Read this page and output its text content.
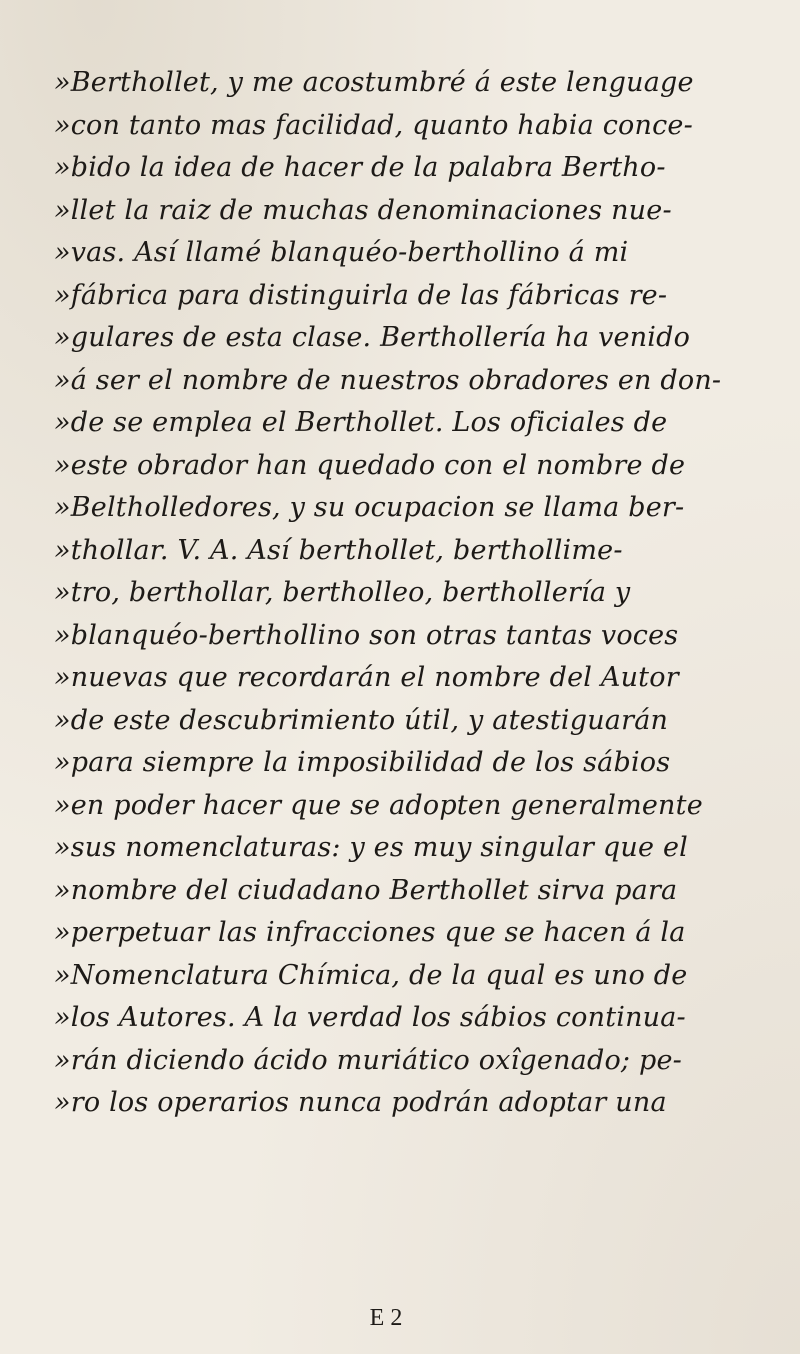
»Berthollet, y me acostumbré á este lenguage
»con tanto mas facilidad, quanto habia conce-
»bido la idea de hacer de la palabra Bertho-
»llet la raiz de muchas denominaciones nue-
»vas. Así llamé blanquéo-berthollino á mi
»fábrica para distinguirla de las fábricas re-
»gulares de esta clase. Berthollería ha venido
»á ser el nombre de nuestros obradores en don-
»de se emplea el Berthollet. Los oficiales de
»este obrador han quedado con el nombre de
»Beltholledores, y su ocupacion se llama ber-
»thollar. V. A. Así berthollet, berthollime-
»tro, berthollar, bertholleo, berthollería y
»blanquéo-berthollino son otras tantas voces
»nuevas que recordarán el nombre del Autor
»de este descubrimiento útil, y atestiguarán
»para siempre la imposibilidad de los sábios
»en poder hacer que se adopten generalmente
»sus nomenclaturas: y es muy singular que el
»nombre del ciudadano Berthollet sirva para
»perpetuar las infracciones que se hacen á la
»Nomenclatura Chímica, de la qual es uno de
»los Autores. A la verdad los sábios continua-
»rán diciendo ácido muriático oxîgenado; pe-
»ro los operarios nunca podrán adoptar una
E 2
